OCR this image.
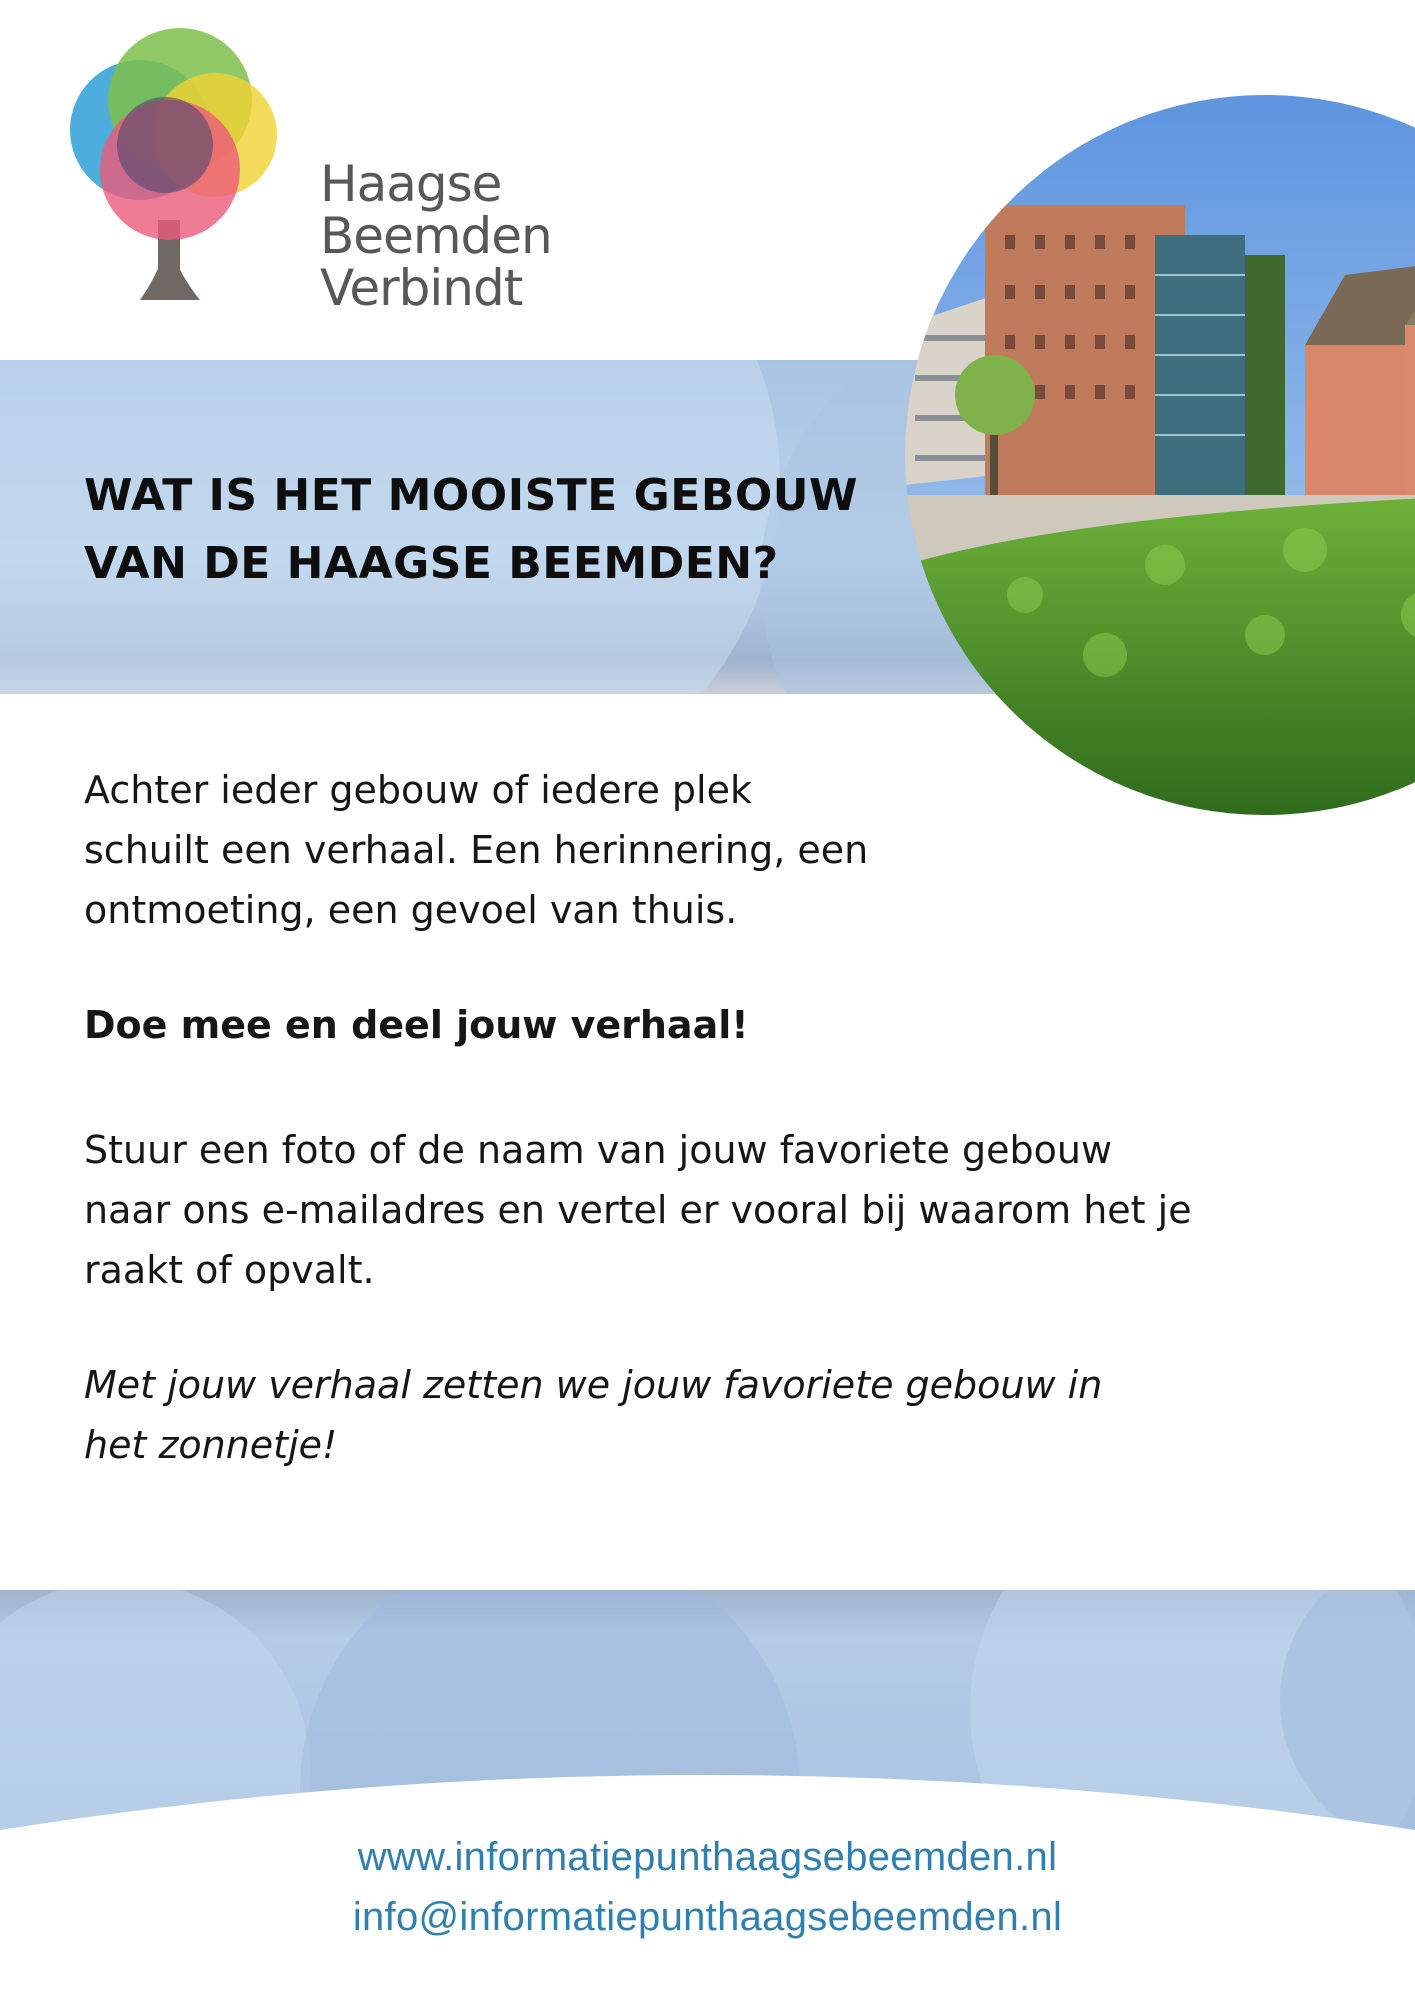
Haagse
Beemden
Verbindt
WAT IS HET MOOISTE GEBOUW
VAN DE HAAGSE BEEMDEN?
Achter ieder gebouw of iedere plek
schuilt een verhaal. Een herinnering, een
ontmoeting, een gevoel van thuis.
Doe mee en deel jouw verhaal!
Stuur een foto of de naam van jouw favoriete gebouw
naar ons e-mailadres en vertel er vooral bij waarom het je
raakt of opvalt.
Met jouw verhaal zetten we jouw favoriete gebouw in
het zonnetje!
www.informatiepunthaagsebeemden.nl
info@informatiepunthaagsebeemden.nl
